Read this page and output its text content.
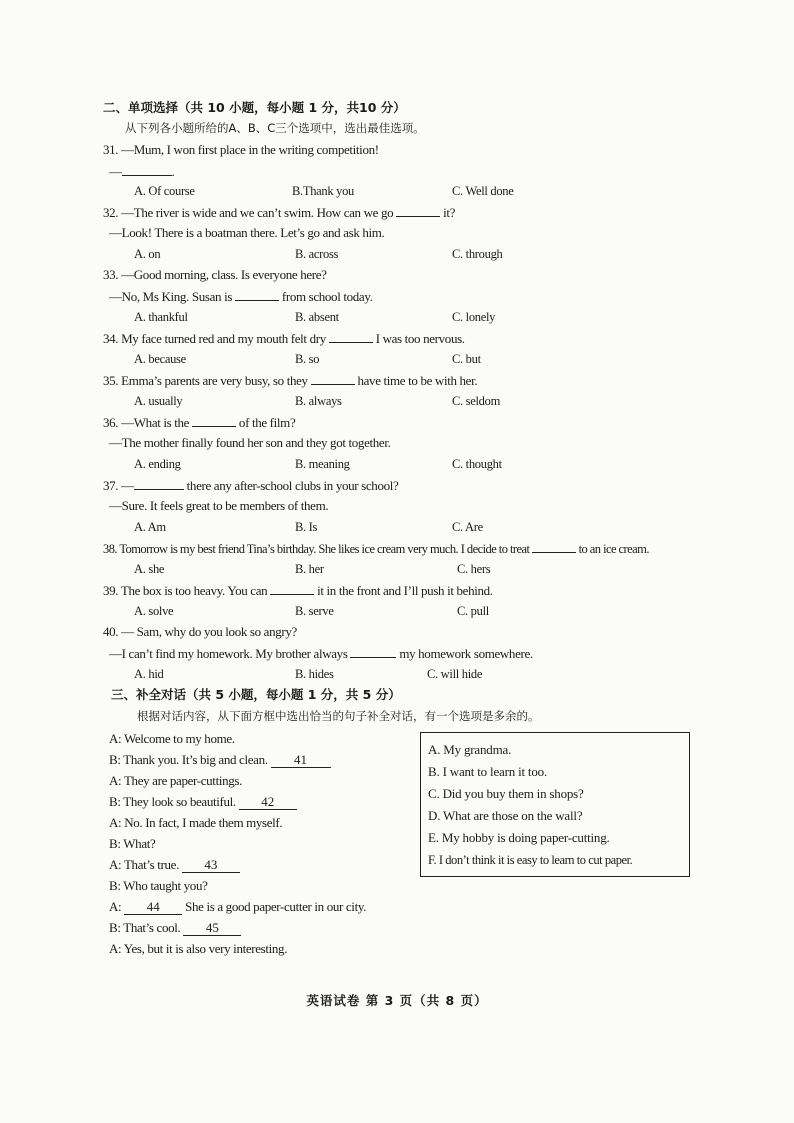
二、单项选择（共 10 小题，每小题 1 分，共10 分）
从下列各小题所给的A、B、C三个选项中，选出最佳选项。
31. —Mum, I won first place in the writing competition!
—	.
A. Of course	B.Thank you	C. Well done
32. —The river is wide and we can’t swim. How can we go	it?
—Look! There is a boatman there. Let’s go and ask him.
A. on	B. across	C. through
33. —Good morning, class. Is everyone here?
—No, Ms King. Susan is	from school today.
A. thankful	B. absent	C. lonely
34. My face turned red and my mouth felt dry	I was too nervous.
A. because	B. so	C. but
35. Emma’s parents are very busy, so they	have time to be with her.
A. usually	B. always	C. seldom
36. —What is the	of the film?
—The mother finally found her son and they got together.
A. ending	B. meaning	C. thought
37. —	there any after-school clubs in your school?
—Sure. It feels great to be members of them.
A. Am	B. Is	C. Are
38. Tomorrow is my best friend Tina’s birthday. She likes ice cream very much. I decide to treat	to an ice cream.
A. she	B. her	C. hers
39. The box is too heavy. You can	it in the front and I’ll push it behind.
A. solve	B. serve	C. pull
40. — Sam, why do you look so angry?
—I can’t find my homework. My brother always	my homework somewhere.
A. hid	B. hides	C. will hide
三、补全对话（共 5 小题，每小题 1 分，共 5 分）
根据对话内容，从下面方框中选出恰当的句子补全对话，有一个选项是多余的。
A: Welcome to my home.
B: Thank you. It’s big and clean. 41
A: They are paper-cuttings.
B: They look so beautiful. 42
A: No. In fact, I made them myself.
B: What?
A: That’s true. 43
B: Who taught you?
A: 44 She is a good paper-cutter in our city.
B: That’s cool. 45
A: Yes, but it is also very interesting.
A. My grandma.
B. I want to learn it too.
C. Did you buy them in shops?
D. What are those on the wall?
E. My hobby is doing paper-cutting.
F. I don’t think it is easy to learn to cut paper.
英语试卷 第 3 页（共 8 页）
